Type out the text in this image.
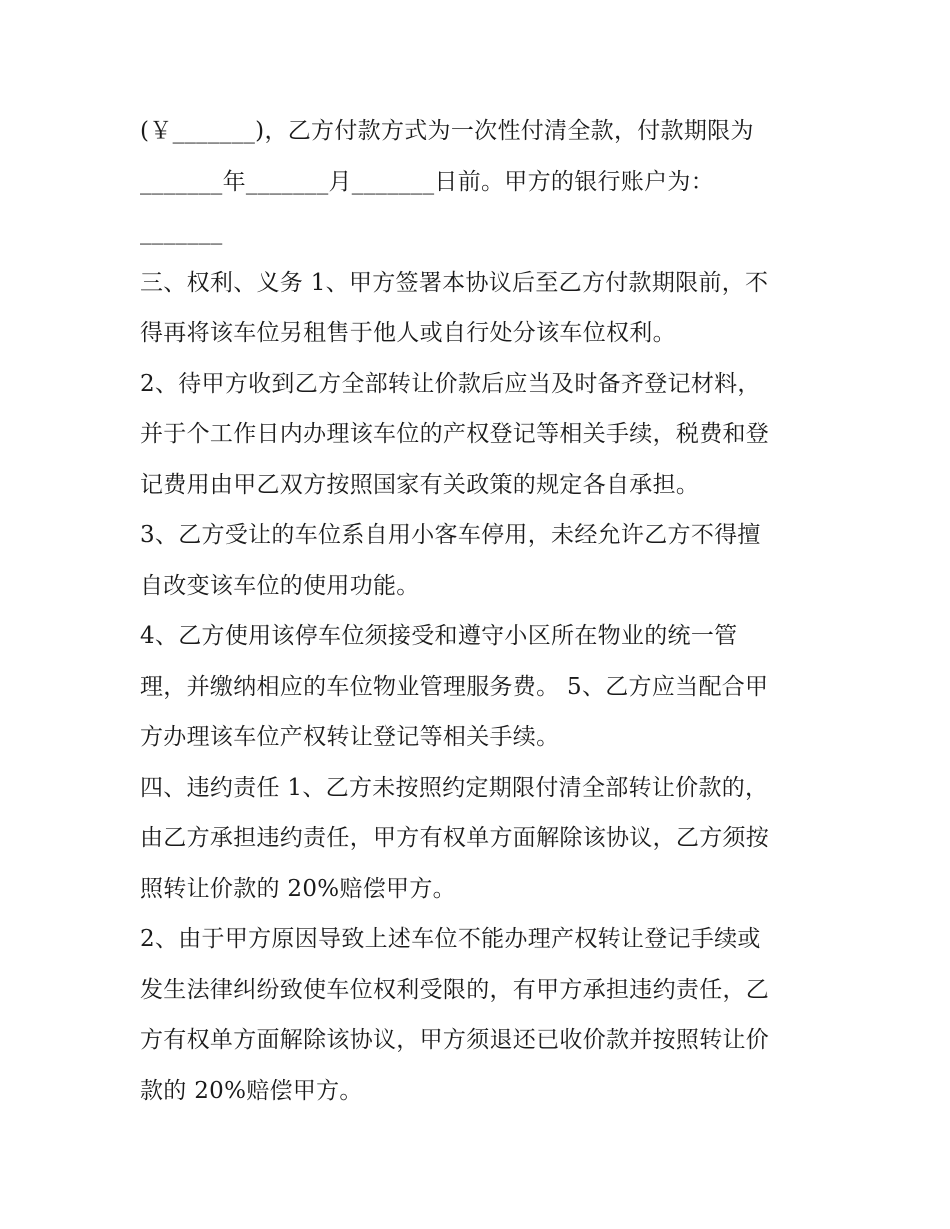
(￥_______)，乙方付款方式为一次性付清全款，付款期限为
_______年_______月_______日前。甲方的银行账户为：
_______
三、权利、义务 1、甲方签署本协议后至乙方付款期限前，不
得再将该车位另租售于他人或自行处分该车位权利。
2、待甲方收到乙方全部转让价款后应当及时备齐登记材料，
并于个工作日内办理该车位的产权登记等相关手续，税费和登
记费用由甲乙双方按照国家有关政策的规定各自承担。
3、乙方受让的车位系自用小客车停用，未经允许乙方不得擅
自改变该车位的使用功能。
4、乙方使用该停车位须接受和遵守小区所在物业的统一管
理，并缴纳相应的车位物业管理服务费。 5、乙方应当配合甲
方办理该车位产权转让登记等相关手续。
四、违约责任 1、乙方未按照约定期限付清全部转让价款的，
由乙方承担违约责任，甲方有权单方面解除该协议，乙方须按
照转让价款的 20%赔偿甲方。
2、由于甲方原因导致上述车位不能办理产权转让登记手续或
发生法律纠纷致使车位权利受限的，有甲方承担违约责任，乙
方有权单方面解除该协议，甲方须退还已收价款并按照转让价
款的 20%赔偿甲方。
